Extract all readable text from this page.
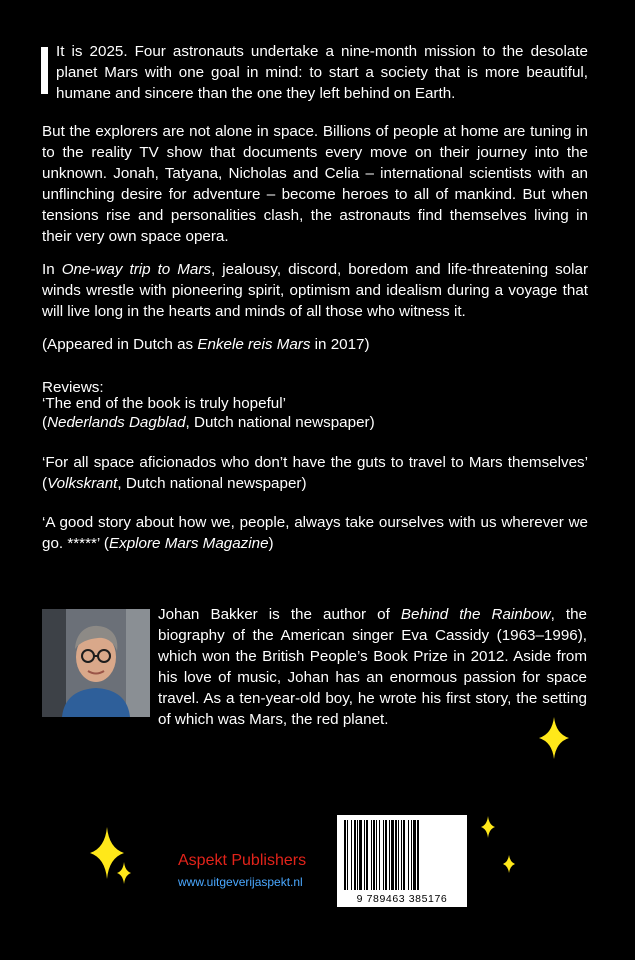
It is 2025. Four astronauts undertake a nine-month mission to the desolate planet Mars with one goal in mind: to start a society that is more beautiful, humane and sincere than the one they left behind on Earth.

But the explorers are not alone in space. Billions of people at home are tuning in to the reality TV show that documents every move on their journey into the unknown. Jonah, Tatyana, Nicholas and Celia – international scientists with an unflinching desire for adventure – become heroes to all of mankind. But when tensions rise and personalities clash, the astronauts find themselves living in their very own space opera.

In One-way trip to Mars, jealousy, discord, boredom and life-threatening solar winds wrestle with pioneering spirit, optimism and idealism during a voyage that will live long in the hearts and minds of all those who witness it.

(Appeared in Dutch as Enkele reis Mars in 2017)

Reviews:

‘The end of the book is truly hopeful’

(Nederlands Dagblad, Dutch national newspaper)

‘For all space aficionados who don’t have the guts to travel to Mars themselves’ (Volkskrant, Dutch national newspaper)

‘A good story about how we, people, always take ourselves with us wherever we go. *****’ (Explore Mars Magazine)

Johan Bakker is the author of Behind the Rainbow, the biography of the American singer Eva Cassidy (1963–1996), which won the British People’s Book Prize in 2012. Aside from his love of music, Johan has an enormous passion for space travel. As a ten-year-old boy, he wrote his first story, the setting of which was Mars, the red planet.

Aspekt Publishers
www.uitgeverijaspekt.nl
9 789463 385176
